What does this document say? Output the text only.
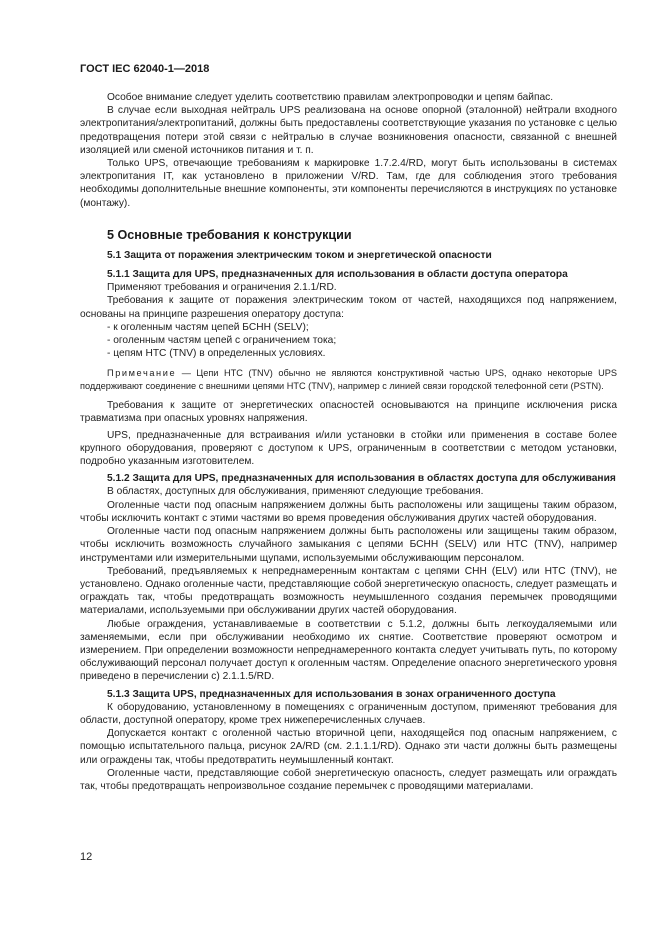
ГОСТ IEC 62040-1—2018

Особое внимание следует уделить соответствию правилам электропроводки и цепям байпас.

В случае если выходная нейтраль UPS реализована на основе опорной (эталонной) нейтрали входного электропитания/электропитаний, должны быть предоставлены соответствующие указания по установке с целью предотвращения потери этой связи с нейтралью в случае возникновения опасности, связанной с внешней изоляцией или сменой источников питания и т. п.

Только UPS, отвечающие требованиям к маркировке 1.7.2.4/RD, могут быть использованы в системах электропитания IT, как установлено в приложении V/RD. Там, где для соблюдения этого требования необходимы дополнительные внешние компоненты, эти компоненты перечисляются в инструкциях по установке (монтажу).

5 Основные требования к конструкции

5.1 Защита от поражения электрическим током и энергетической опасности

5.1.1 Защита для UPS, предназначенных для использования в области доступа оператора

Применяют требования и ограничения 2.1.1/RD.

Требования к защите от поражения электрическим током от частей, находящихся под напряжением, основаны на принципе разрешения оператору доступа:

- к оголенным частям цепей БСНН (SELV);

- оголенным частям цепей с ограничением тока;

- цепям НТС (TNV) в определенных условиях.

Примечание — Цепи НТС (TNV) обычно не являются конструктивной частью UPS, однако некоторые UPS поддерживают соединение с внешними цепями НТС (TNV), например с линией связи городской телефонной сети (PSTN).

Требования к защите от энергетических опасностей основываются на принципе исключения риска травматизма при опасных уровнях напряжения.

UPS, предназначенные для встраивания и/или установки в стойки или применения в составе более крупного оборудования, проверяют с доступом к UPS, ограниченным в соответствии с методом установки, подробно указанным изготовителем.

5.1.2 Защита для UPS, предназначенных для использования в областях доступа для обслуживания

В областях, доступных для обслуживания, применяют следующие требования.

Оголенные части под опасным напряжением должны быть расположены или защищены таким образом, чтобы исключить контакт с этими частями во время проведения обслуживания других частей оборудования.

Оголенные части под опасным напряжением должны быть расположены или защищены таким образом, чтобы исключить возможность случайного замыкания с цепями БСНН (SELV) или НТС (TNV), например инструментами или измерительными щупами, используемыми обслуживающим персоналом.

Требований, предъявляемых к непреднамеренным контактам с цепями СНН (ELV) или НТС (TNV), не установлено. Однако оголенные части, представляющие собой энергетическую опасность, следует размещать и ограждать так, чтобы предотвращать возможность неумышленного создания перемычек проводящими материалами, используемыми при обслуживании других частей оборудования.

Любые ограждения, устанавливаемые в соответствии с 5.1.2, должны быть легкоудаляемыми или заменяемыми, если при обслуживании необходимо их снятие. Соответствие проверяют осмотром и измерением. При определении возможности непреднамеренного контакта следует учитывать путь, по которому обслуживающий персонал получает доступ к оголенным частям. Определение опасного энергетического уровня приведено в перечислении с) 2.1.1.5/RD.

5.1.3 Защита UPS, предназначенных для использования в зонах ограниченного доступа

К оборудованию, установленному в помещениях с ограниченным доступом, применяют требования для области, доступной оператору, кроме трех нижеперечисленных случаев.

Допускается контакт с оголенной частью вторичной цепи, находящейся под опасным напряжением, с помощью испытательного пальца, рисунок 2А/RD (см. 2.1.1.1/RD). Однако эти части должны быть размещены или ограждены так, чтобы предотвратить неумышленный контакт.

Оголенные части, представляющие собой энергетическую опасность, следует размещать или ограждать так, чтобы предотвращать непроизвольное создание перемычек с проводящими материалами.

12
